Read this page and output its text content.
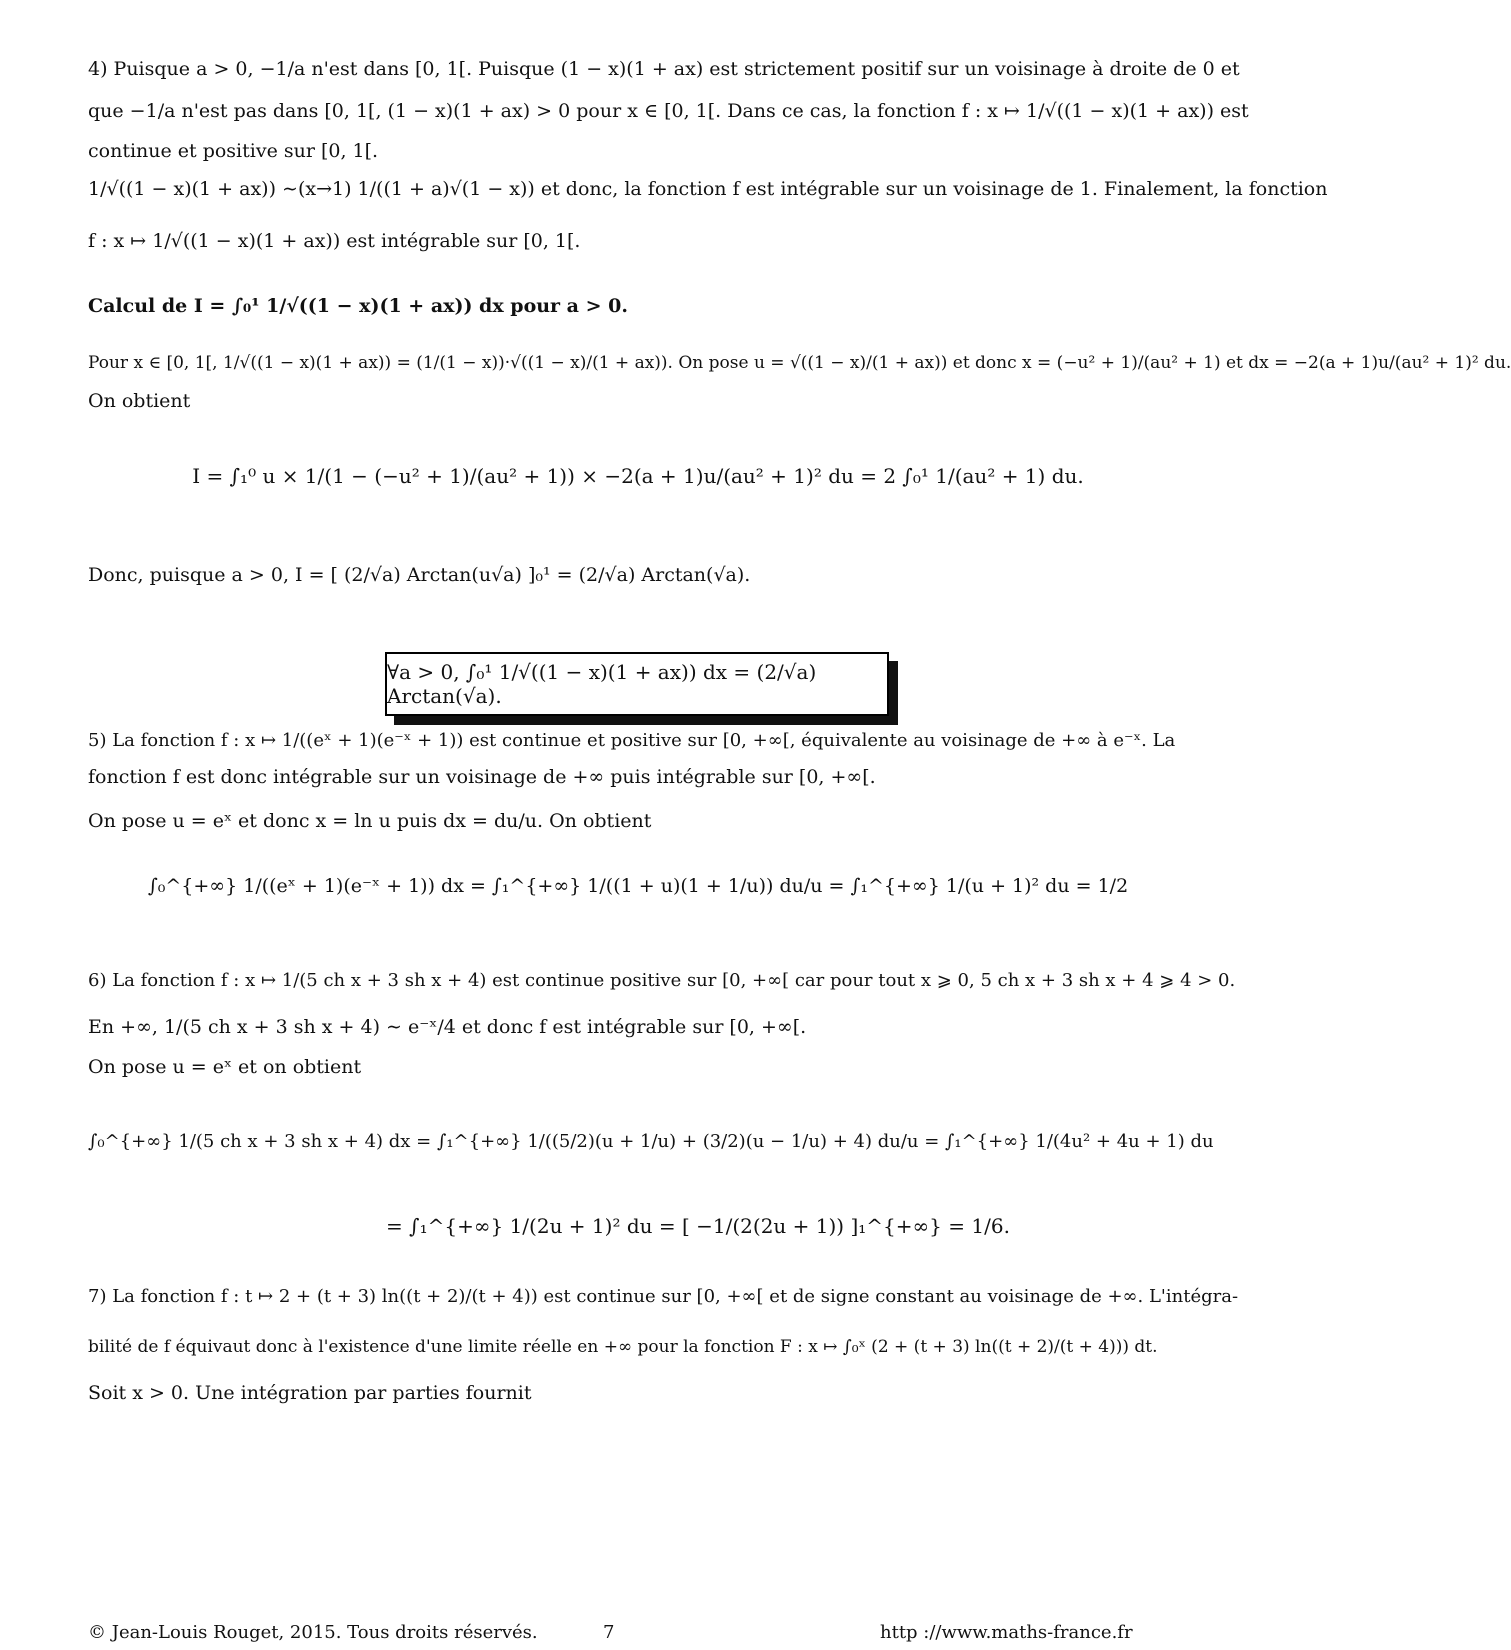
4) Puisque a > 0, −1/a n'est dans [0, 1[. Puisque (1 − x)(1 + ax) est strictement positif sur un voisinage à droite de 0 et
que −1/a n'est pas dans [0, 1[, (1 − x)(1 + ax) > 0 pour x ∈ [0, 1[. Dans ce cas, la fonction f : x ↦ 1/√((1 − x)(1 + ax)) est
continue et positive sur [0, 1[.
1/√((1 − x)(1 + ax)) ∼(x→1) 1/((1 + a)√(1 − x)) et donc, la fonction f est intégrable sur un voisinage de 1. Finalement, la fonction
f : x ↦ 1/√((1 − x)(1 + ax)) est intégrable sur [0, 1[.
Calcul de I = ∫₀¹ 1/√((1 − x)(1 + ax)) dx pour a > 0.
Pour x ∈ [0, 1[, 1/√((1 − x)(1 + ax)) = (1/(1 − x))·√((1 − x)/(1 + ax)). On pose u = √((1 − x)/(1 + ax)) et donc x = (−u² + 1)/(au² + 1) et dx = −2(a + 1)u/(au² + 1)² du.
On obtient
I = ∫₁⁰ u × 1/(1 − (−u² + 1)/(au² + 1)) × −2(a + 1)u/(au² + 1)² du = 2 ∫₀¹ 1/(au² + 1) du.
Donc, puisque a > 0, I = [ (2/√a) Arctan(u√a) ]₀¹ = (2/√a) Arctan(√a).
∀a > 0, ∫₀¹ 1/√((1 − x)(1 + ax)) dx = (2/√a) Arctan(√a).
5) La fonction f : x ↦ 1/((eˣ + 1)(e⁻ˣ + 1)) est continue et positive sur [0, +∞[, équivalente au voisinage de +∞ à e⁻ˣ. La
fonction f est donc intégrable sur un voisinage de +∞ puis intégrable sur [0, +∞[.
On pose u = eˣ et donc x = ln u puis dx = du/u. On obtient
∫₀^{+∞} 1/((eˣ + 1)(e⁻ˣ + 1)) dx = ∫₁^{+∞} 1/((1 + u)(1 + 1/u)) du/u = ∫₁^{+∞} 1/(u + 1)² du = 1/2
6) La fonction f : x ↦ 1/(5 ch x + 3 sh x + 4) est continue positive sur [0, +∞[ car pour tout x ⩾ 0, 5 ch x + 3 sh x + 4 ⩾ 4 > 0.
En +∞, 1/(5 ch x + 3 sh x + 4) ∼ e⁻ˣ/4 et donc f est intégrable sur [0, +∞[.
On pose u = eˣ et on obtient
∫₀^{+∞} 1/(5 ch x + 3 sh x + 4) dx = ∫₁^{+∞} 1/((5/2)(u + 1/u) + (3/2)(u − 1/u) + 4) du/u = ∫₁^{+∞} 1/(4u² + 4u + 1) du
= ∫₁^{+∞} 1/(2u + 1)² du = [ −1/(2(2u + 1)) ]₁^{+∞} = 1/6.
7) La fonction f : t ↦ 2 + (t + 3) ln((t + 2)/(t + 4)) est continue sur [0, +∞[ et de signe constant au voisinage de +∞. L'intégra-
bilité de f équivaut donc à l'existence d'une limite réelle en +∞ pour la fonction F : x ↦ ∫₀ˣ (2 + (t + 3) ln((t + 2)/(t + 4))) dt.
Soit x > 0. Une intégration par parties fournit
© Jean-Louis Rouget, 2015. Tous droits réservés.	7	http ://www.maths-france.fr
